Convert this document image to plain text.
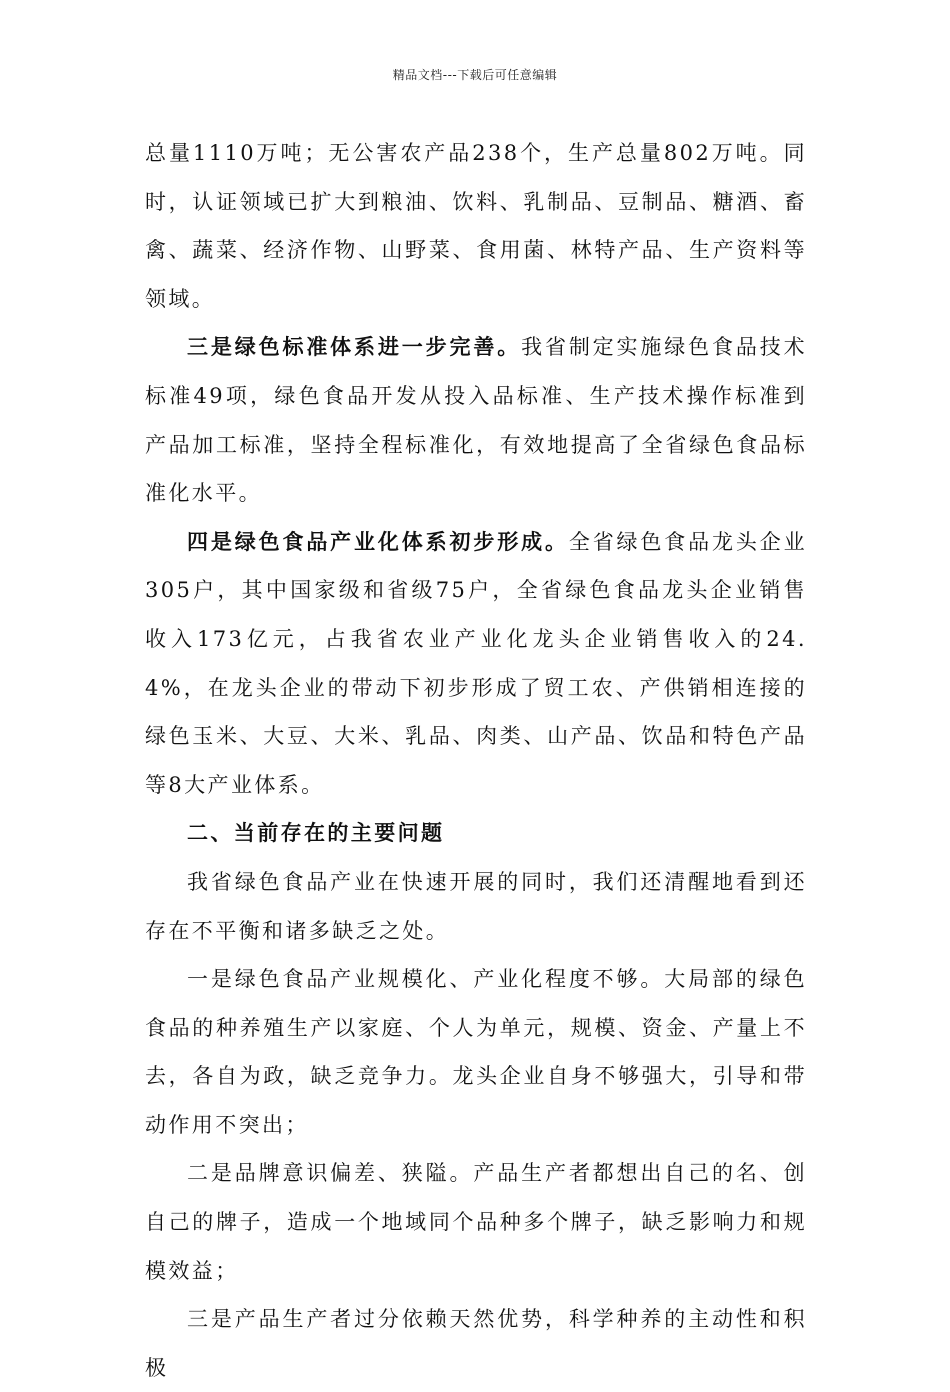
精品文档---下载后可任意编辑

总量1110万吨；无公害农产品238个，生产总量802万吨。同时，认证领域已扩大到粮油、饮料、乳制品、豆制品、糖酒、畜禽、蔬菜、经济作物、山野菜、食用菌、林特产品、生产资料等领域。

三是绿色标准体系进一步完善。我省制定实施绿色食品技术标准49项，绿色食品开发从投入品标准、生产技术操作标准到产品加工标准，坚持全程标准化，有效地提高了全省绿色食品标准化水平。

四是绿色食品产业化体系初步形成。全省绿色食品龙头企业305户，其中国家级和省级75户，全省绿色食品龙头企业销售收入173亿元，占我省农业产业化龙头企业销售收入的24.4%，在龙头企业的带动下初步形成了贸工农、产供销相连接的绿色玉米、大豆、大米、乳品、肉类、山产品、饮品和特色产品等8大产业体系。

二、当前存在的主要问题

我省绿色食品产业在快速开展的同时，我们还清醒地看到还存在不平衡和诸多缺乏之处。

一是绿色食品产业规模化、产业化程度不够。大局部的绿色食品的种养殖生产以家庭、个人为单元，规模、资金、产量上不去，各自为政，缺乏竞争力。龙头企业自身不够强大，引导和带动作用不突出；

二是品牌意识偏差、狭隘。产品生产者都想出自己的名、创自己的牌子，造成一个地域同个品种多个牌子，缺乏影响力和规模效益；

三是产品生产者过分依赖天然优势，科学种养的主动性和积极
